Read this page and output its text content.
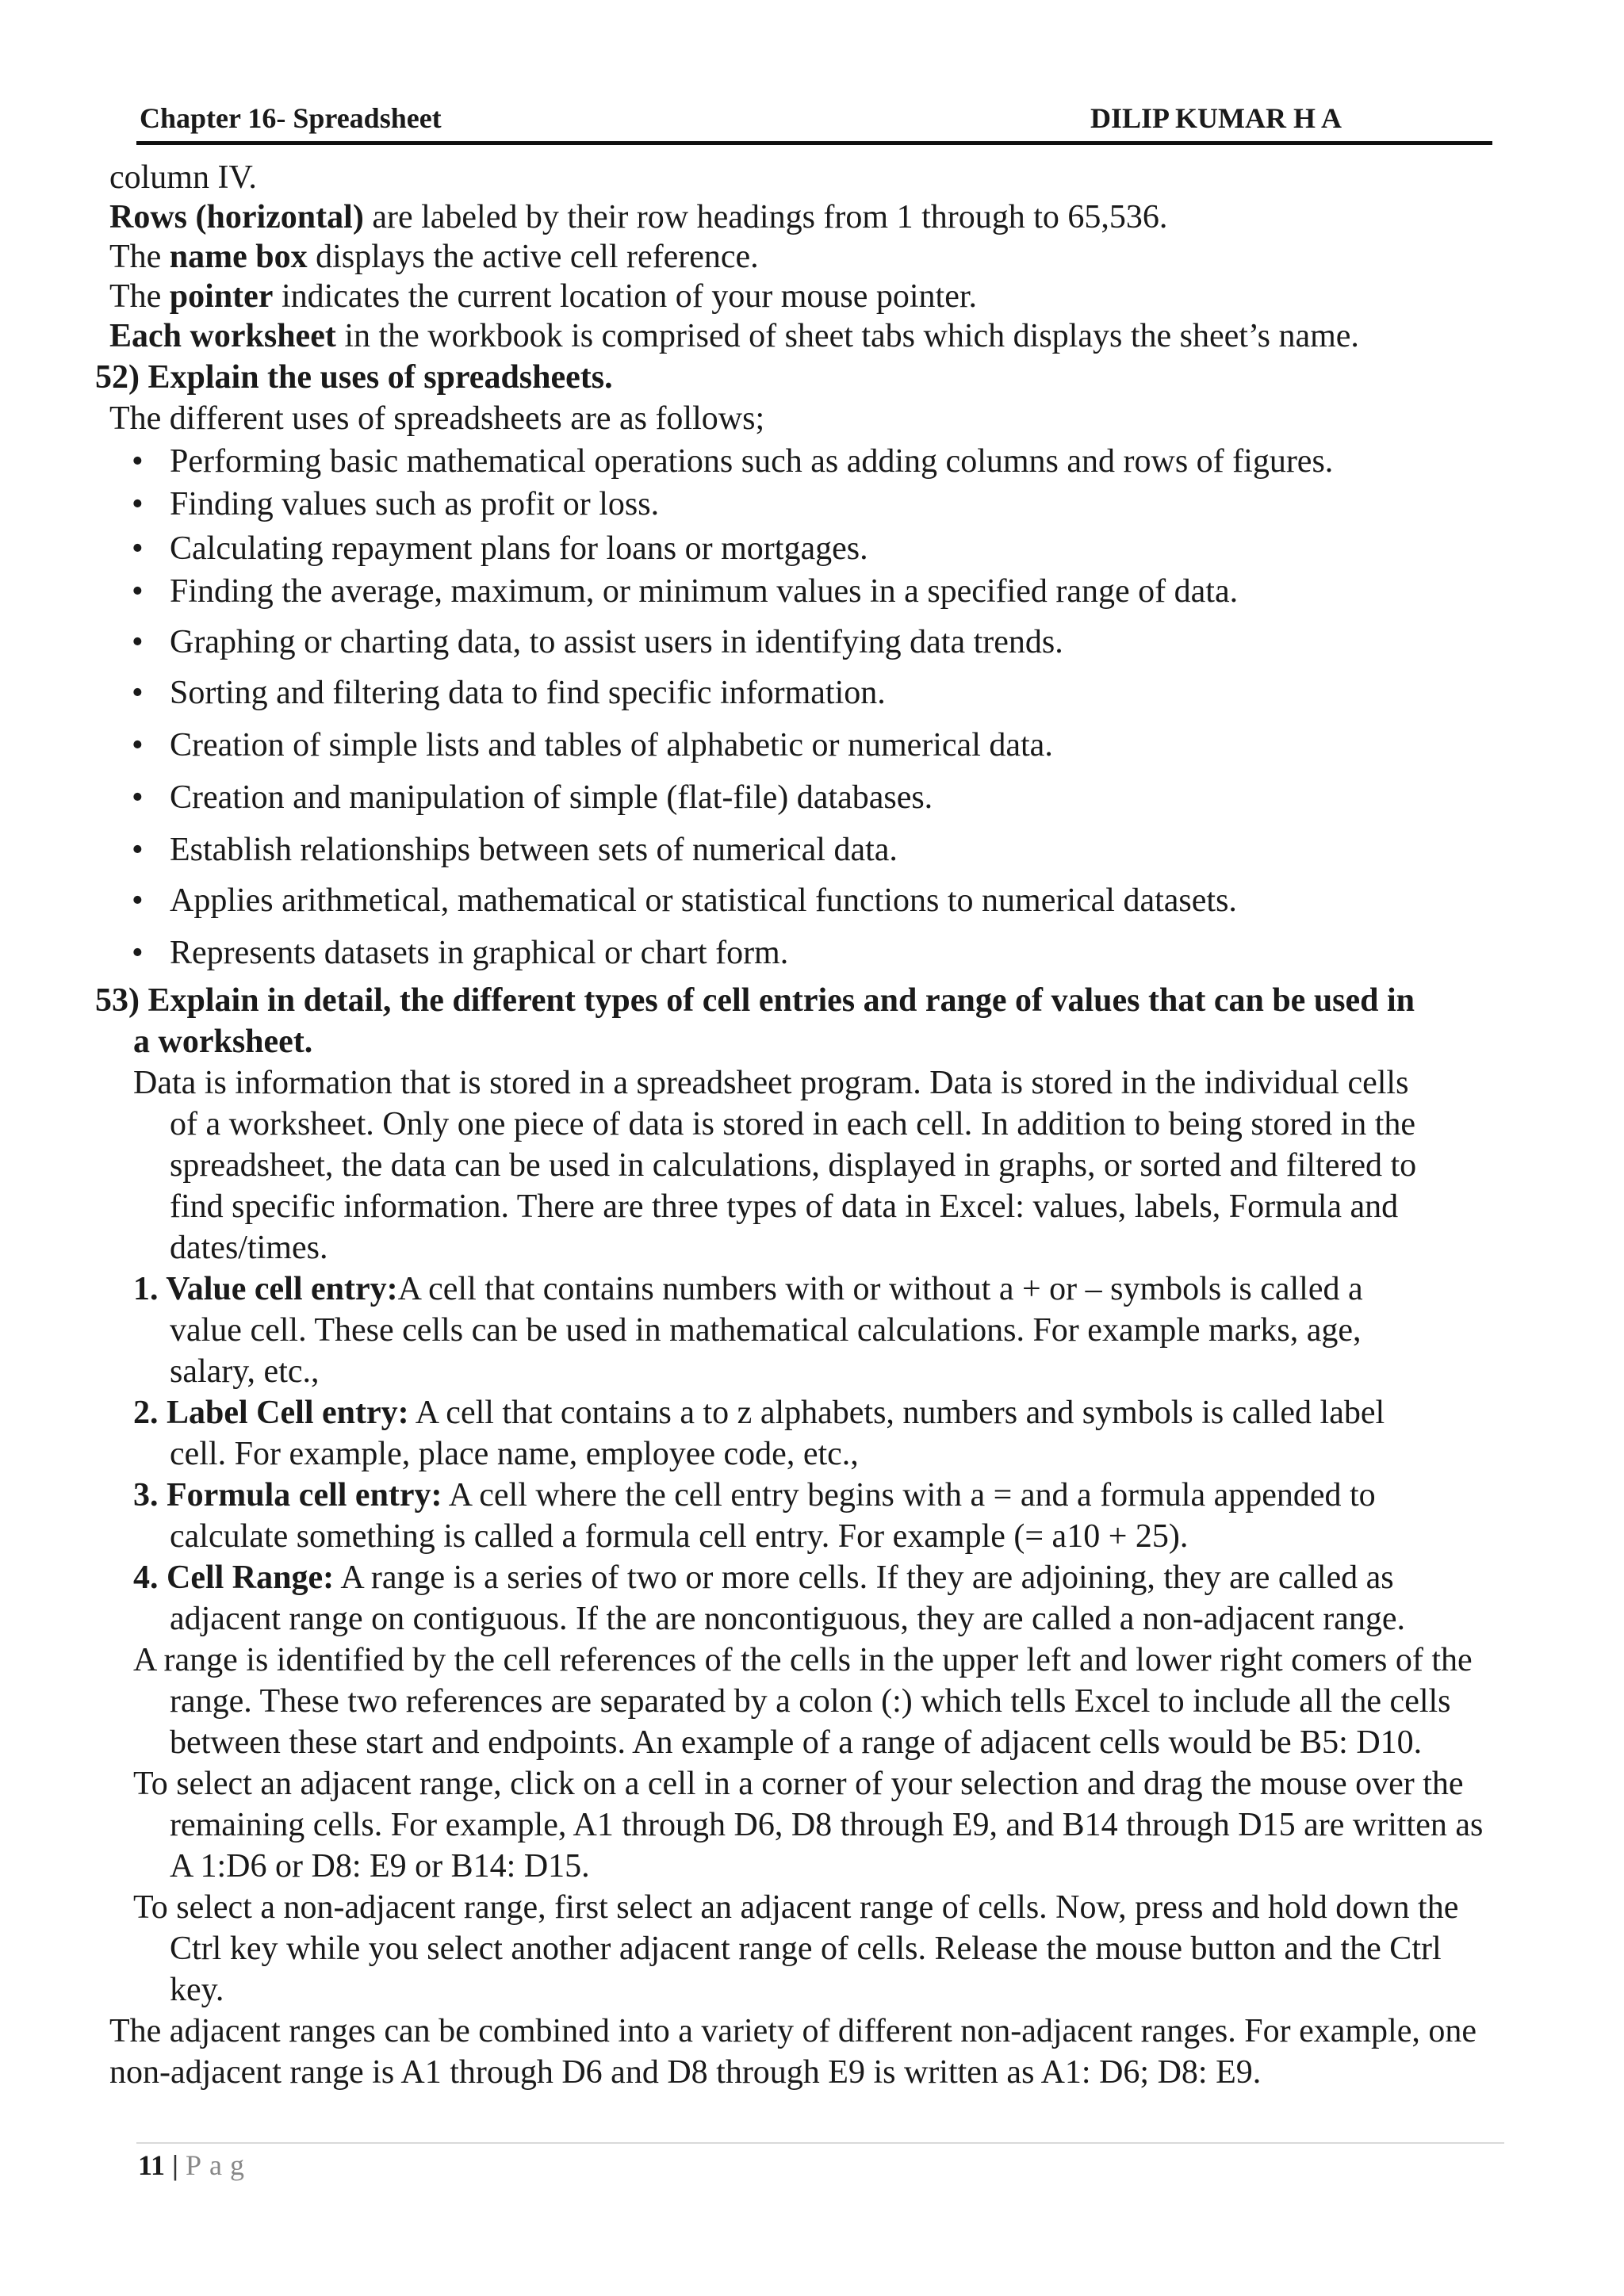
Chapter 16- Spreadsheet	DILIP KUMAR H A
column IV.
Rows (horizontal) are labeled by their row headings from 1 through to 65,536.
The name box displays the active cell reference.
The pointer indicates the current location of your mouse pointer.
Each worksheet in the workbook is comprised of sheet tabs which displays the sheet’s name.
52) Explain the uses of spreadsheets.
The different uses of spreadsheets are as follows;
• Performing basic mathematical operations such as adding columns and rows of figures.
• Finding values such as profit or loss.
• Calculating repayment plans for loans or mortgages.
• Finding the average, maximum, or minimum values in a specified range of data.
• Graphing or charting data, to assist users in identifying data trends.
• Sorting and filtering data to find specific information.
• Creation of simple lists and tables of alphabetic or numerical data.
• Creation and manipulation of simple (flat-file) databases.
• Establish relationships between sets of numerical data.
• Applies arithmetical, mathematical or statistical functions to numerical datasets.
• Represents datasets in graphical or chart form.
53) Explain in detail, the different types of cell entries and range of values that can be used in
a worksheet.
Data is information that is stored in a spreadsheet program. Data is stored in the individual cells
of a worksheet. Only one piece of data is stored in each cell. In addition to being stored in the
spreadsheet, the data can be used in calculations, displayed in graphs, or sorted and filtered to
find specific information. There are three types of data in Excel: values, labels, Formula and
dates/times.
1. Value cell entry:A cell that contains numbers with or without a + or – symbols is called a
value cell. These cells can be used in mathematical calculations. For example marks, age,
salary, etc.,
2. Label Cell entry: A cell that contains a to z alphabets, numbers and symbols is called label
cell. For example, place name, employee code, etc.,
3. Formula cell entry: A cell where the cell entry begins with a = and a formula appended to
calculate something is called a formula cell entry. For example (= a10 + 25).
4. Cell Range: A range is a series of two or more cells. If they are adjoining, they are called as
adjacent range on contiguous. If the are noncontiguous, they are called a non-adjacent range.
A range is identified by the cell references of the cells in the upper left and lower right comers of the
range. These two references are separated by a colon (:) which tells Excel to include all the cells
between these start and endpoints. An example of a range of adjacent cells would be B5: D10.
To select an adjacent range, click on a cell in a corner of your selection and drag the mouse over the
remaining cells. For example, A1 through D6, D8 through E9, and B14 through D15 are written as
A 1:D6 or D8: E9 or B14: D15.
To select a non-adjacent range, first select an adjacent range of cells. Now, press and hold down the
Ctrl key while you select another adjacent range of cells. Release the mouse button and the Ctrl
key.
The adjacent ranges can be combined into a variety of different non-adjacent ranges. For example, one
non-adjacent range is A1 through D6 and D8 through E9 is written as A1: D6; D8: E9.
11 | Pag
